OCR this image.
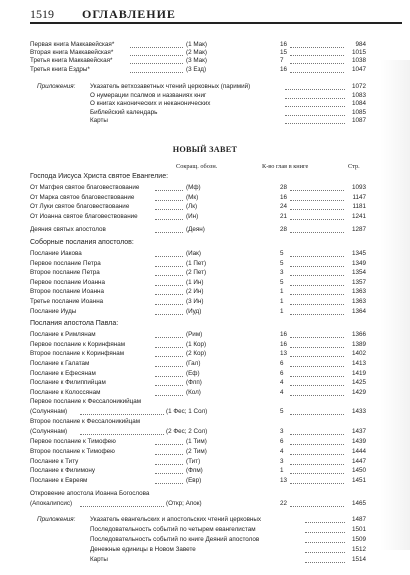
1519 ОГЛАВЛЕНИЕ
Первая книга Маккавейская*	(1 Мак)	16	984
Вторая книга Маккавейская*	(2 Мак)	15	1015
Третья книга Маккавейская*	(3 Мак)	7	1038
Третья книга Ездры*	(3 Езд)	16	1047
Приложения: Указатель ветхозаветных чтений церковных (паримий)	1072
О нумерации псалмов и названиях книг	1083
О книгах канонических и неканонических	1084
Библейский календарь	1085
Карты	1087
НОВЫЙ ЗАВЕТ
Сокращ. обозн.	К-во глав в книге	Стр.
Господа Иисуса Христа святое Евангелие:
От Матфея святое благовествование	(Мф)	28	1093
От Марка святое благовествование	(Мк)	16	1147
От Луки святое благовествование	(Лк)	24	1181
От Иоанна святое благовествование	(Ин)	21	1241
Деяния святых апостолов	(Деян)	28	1287
Соборные послания апостолов:
Послание Иакова	(Иак)	5	1345
Первое послание Петра	(1 Пет)	5	1349
Второе послание Петра	(2 Пет)	3	1354
Первое послание Иоанна	(1 Ин)	5	1357
Второе послание Иоанна	(2 Ин)	1	1363
Третье послание Иоанна	(3 Ин)	1	1363
Послание Иуды	(Иуд)	1	1364
Послания апостола Павла:
Послание к Римлянам	(Рим)	16	1366
Первое послание к Коринфянам	(1 Кор)	16	1389
Второе послание к Коринфянам	(2 Кор)	13	1402
Послание к Галатам	(Гал)	6	1413
Послание к Ефесянам	(Еф)	6	1419
Послание к Филиппийцам	(Флп)	4	1425
Послание к Колоссянам	(Кол)	4	1429
Первое послание к Фессалоникийцам
(Солунянам)	(1 Фес; 1 Сол)	5	1433
Второе послание к Фессалоникийцам
(Солунянам)	(2 Фес; 2 Сол)	3	1437
Первое послание к Тимофею	(1 Тим)	6	1439
Второе послание к Тимофею	(2 Тим)	4	1444
Послание к Титу	(Тит)	3	1447
Послание к Филимону	(Флм)	1	1450
Послание к Евреям	(Евр)	13	1451
Откровение апостола Иоанна Богослова
(Апокалипсис)	(Откр; Апок)	22	1465
Приложения: Указатель евангельских и апостольских чтений церковных	1487
Последовательность событий по четырем евангелистам	1501
Последовательность событий по книге Деяний апостолов	1509
Денежные единицы в Новом Завете	1512
Карты	1514
